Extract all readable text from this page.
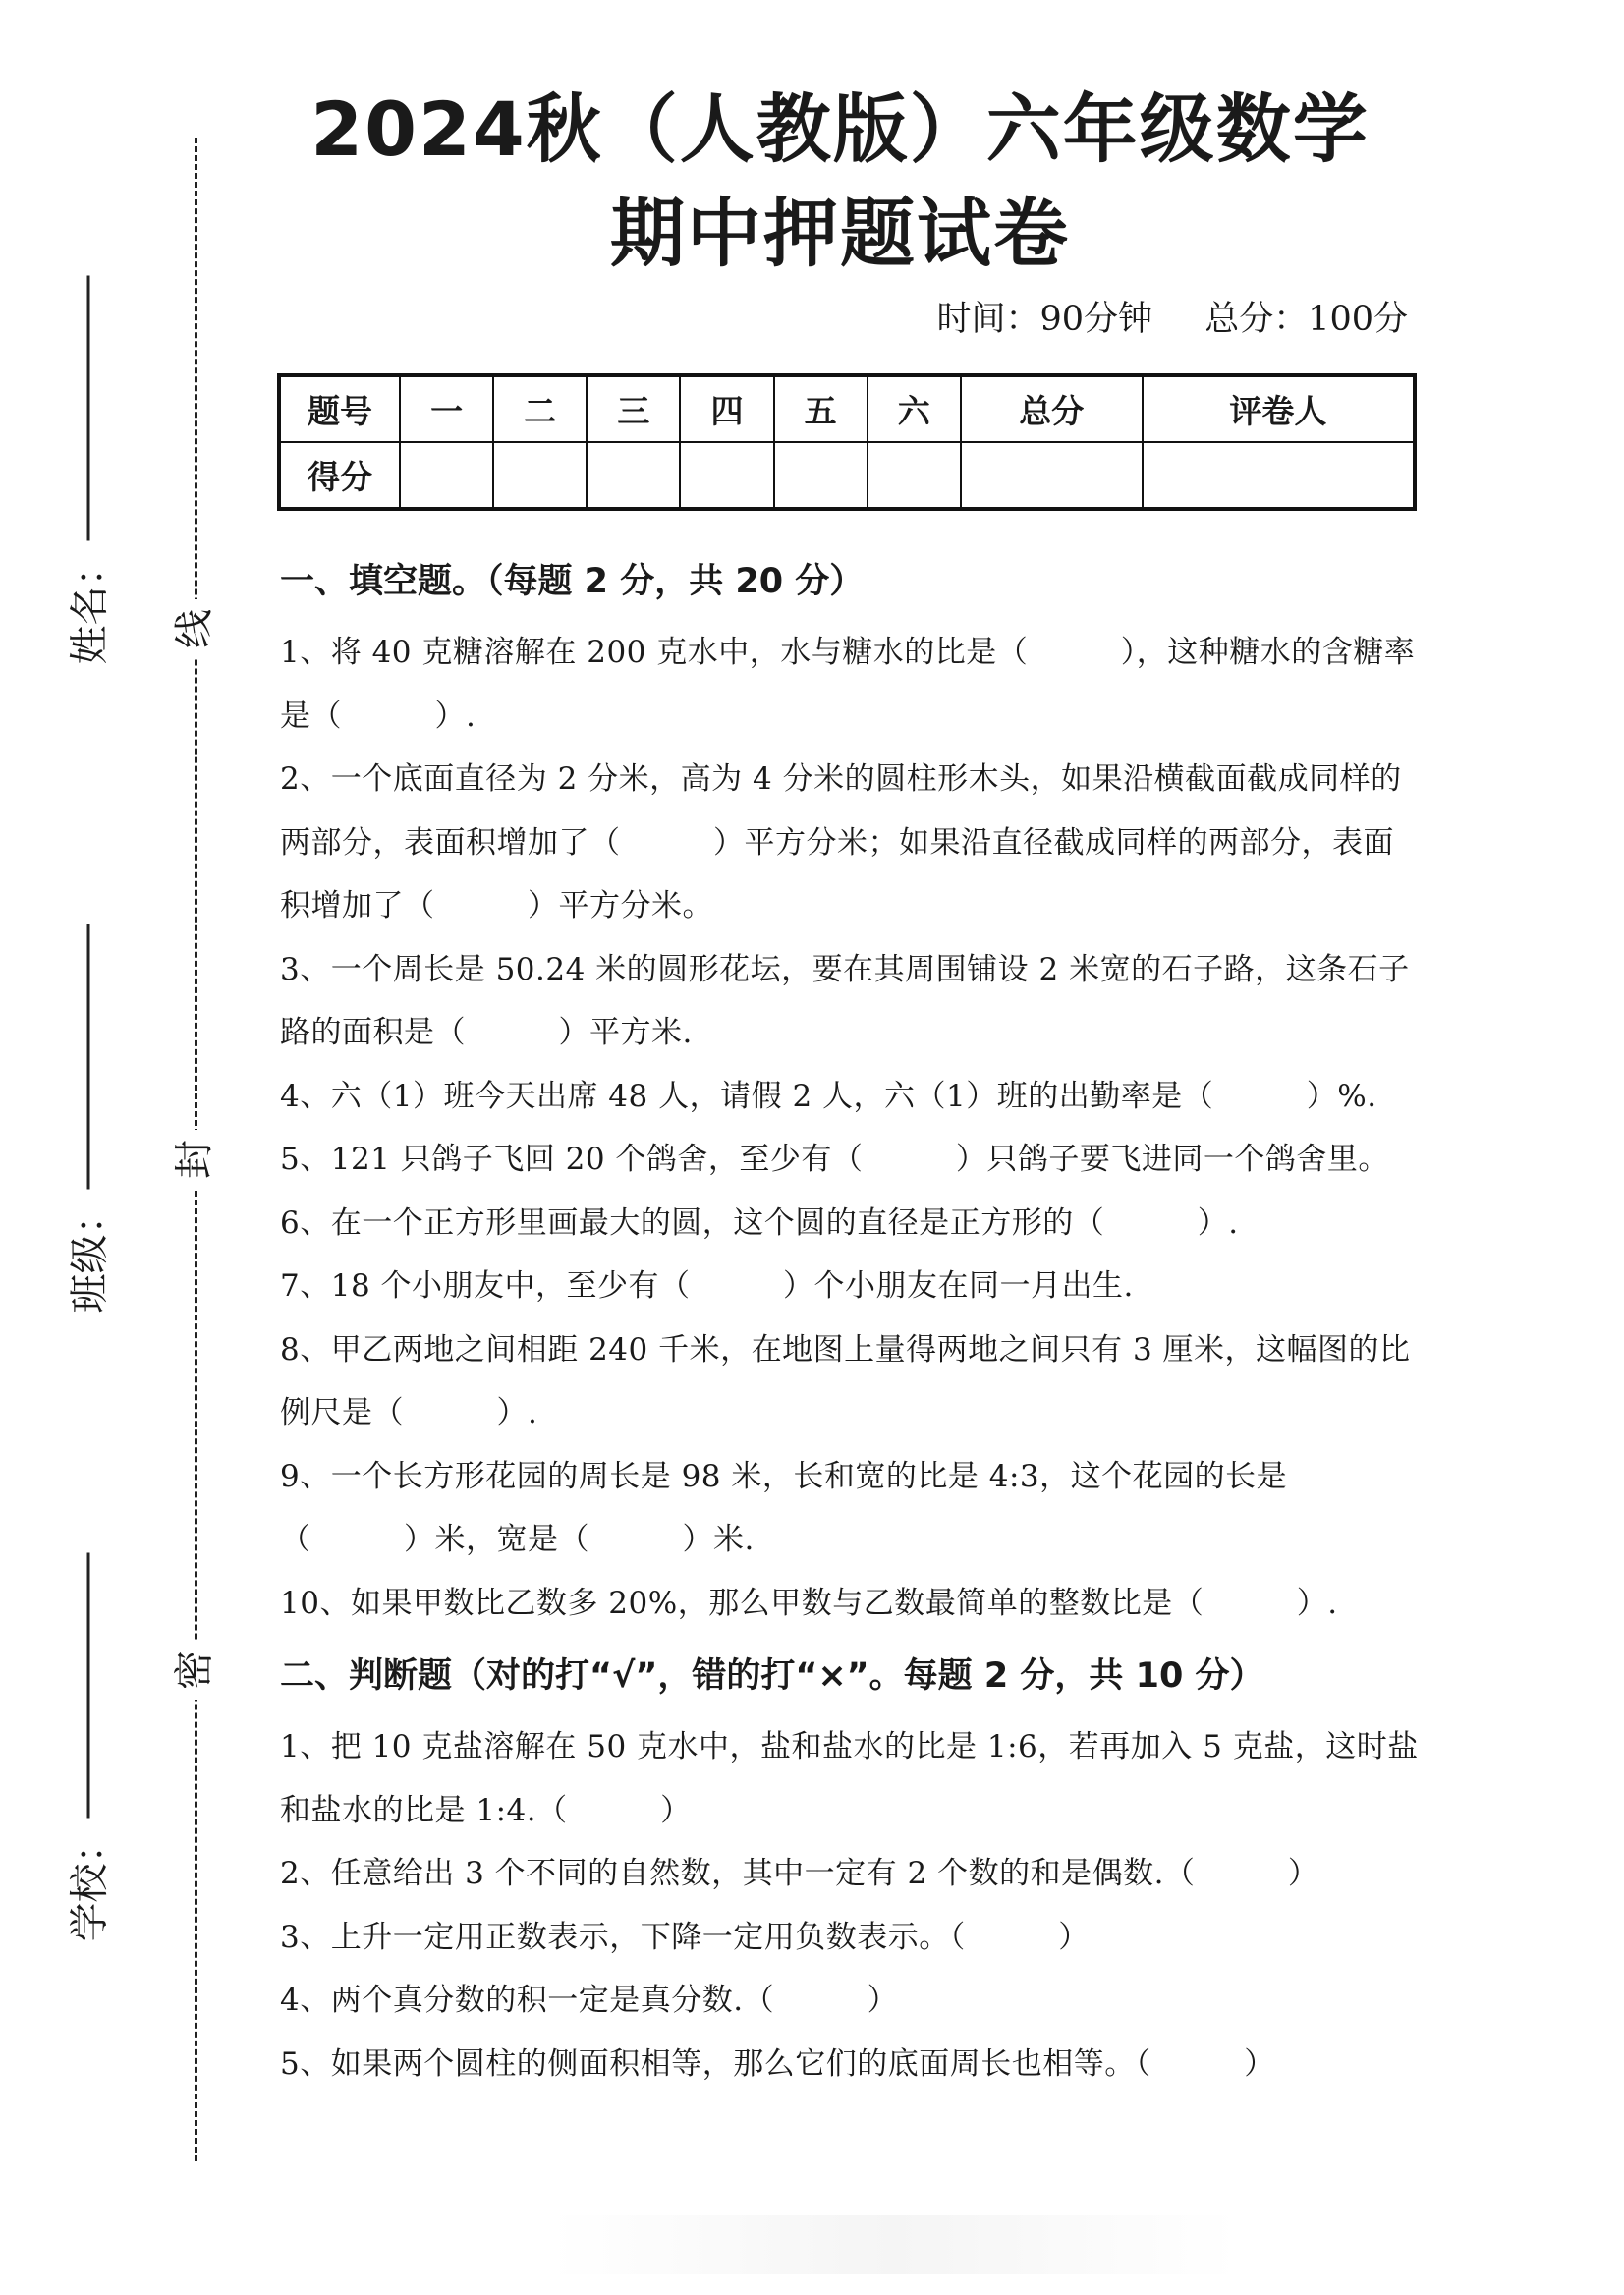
线
封
密
姓名：
班级：
学校：
2024秋（人教版）六年级数学
期中押题试卷
时间：90分钟 总分：100分
题号	一	二	三	四	五	六	总分	评卷人
得分								
一、填空题。（每题 2 分，共 20 分）

1、将 40 克糖溶解在 200 克水中，水与糖水的比是（　　　），这种糖水的含糖率是（　　　）.

2、一个底面直径为 2 分米，高为 4 分米的圆柱形木头，如果沿横截面截成同样的两部分，表面积增加了（　　　）平方分米；如果沿直径截成同样的两部分，表面积增加了（　　　）平方分米。

3、一个周长是 50.24 米的圆形花坛，要在其周围铺设 2 米宽的石子路，这条石子路的面积是（　　　）平方米.

4、六（1）班今天出席 48 人，请假 2 人，六（1）班的出勤率是（　　　）%.

5、121 只鸽子飞回 20 个鸽舍，至少有（　　　）只鸽子要飞进同一个鸽舍里。

6、在一个正方形里画最大的圆，这个圆的直径是正方形的（　　　）.

7、18 个小朋友中，至少有（　　　）个小朋友在同一月出生.

8、甲乙两地之间相距 240 千米，在地图上量得两地之间只有 3 厘米，这幅图的比例尺是（　　　）.

9、一个长方形花园的周长是 98 米，长和宽的比是 4:3，这个花园的长是（　　　）米，宽是（　　　）米.

10、如果甲数比乙数多 20%，那么甲数与乙数最简单的整数比是（　　　）.

二、判断题（对的打“√”，错的打“×”。每题 2 分，共 10 分）

1、把 10 克盐溶解在 50 克水中，盐和盐水的比是 1:6，若再加入 5 克盐，这时盐和盐水的比是 1:4.（　　　）

2、任意给出 3 个不同的自然数，其中一定有 2 个数的和是偶数.（　　　）

3、上升一定用正数表示，下降一定用负数表示。（　　　）

4、两个真分数的积一定是真分数.（　　　）

5、如果两个圆柱的侧面积相等，那么它们的底面周长也相等。（　　　）
